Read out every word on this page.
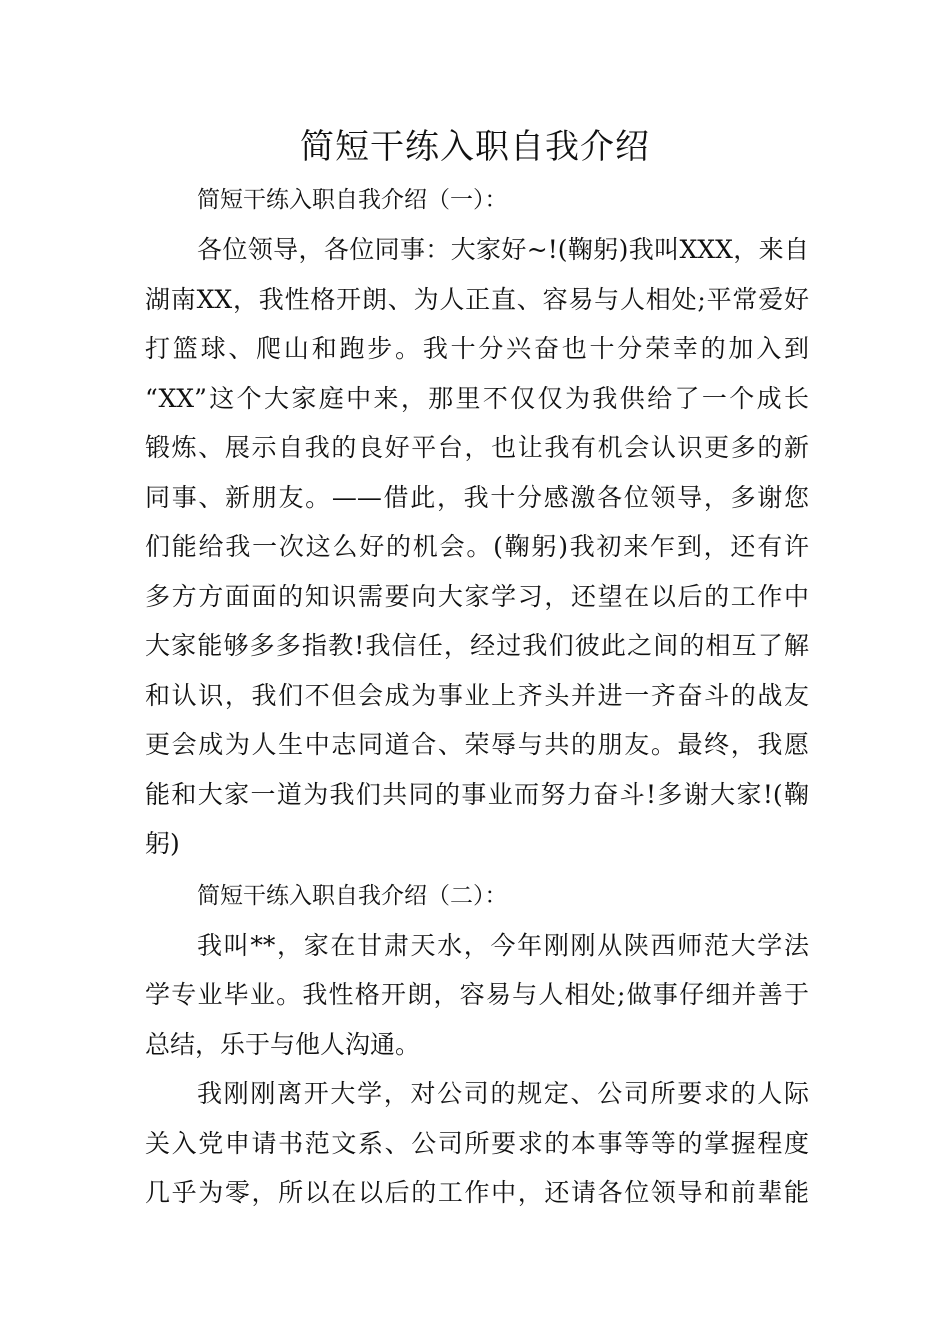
简短干练入职自我介绍
简短干练入职自我介绍（一）：
各位领导，各位同事：大家好~!(鞠躬)我叫XXX，来自
湖南XX，我性格开朗、为人正直、容易与人相处;平常爱好
打篮球、爬山和跑步。我十分兴奋也十分荣幸的加入到
“XX”这个大家庭中来，那里不仅仅为我供给了一个成长
锻炼、展示自我的良好平台，也让我有机会认识更多的新
同事、新朋友。——借此，我十分感激各位领导，多谢您
们能给我一次这么好的机会。(鞠躬)我初来乍到，还有许
多方方面面的知识需要向大家学习，还望在以后的工作中
大家能够多多指教!我信任，经过我们彼此之间的相互了解
和认识，我们不但会成为事业上齐头并进一齐奋斗的战友
更会成为人生中志同道合、荣辱与共的朋友。最终，我愿
能和大家一道为我们共同的事业而努力奋斗!多谢大家!(鞠
躬)
简短干练入职自我介绍（二）：
我叫**，家在甘肃天水，今年刚刚从陕西师范大学法
学专业毕业。我性格开朗，容易与人相处;做事仔细并善于
总结，乐于与他人沟通。
我刚刚离开大学，对公司的规定、公司所要求的人际
关入党申请书范文系、公司所要求的本事等等的掌握程度
几乎为零，所以在以后的工作中，还请各位领导和前辈能
